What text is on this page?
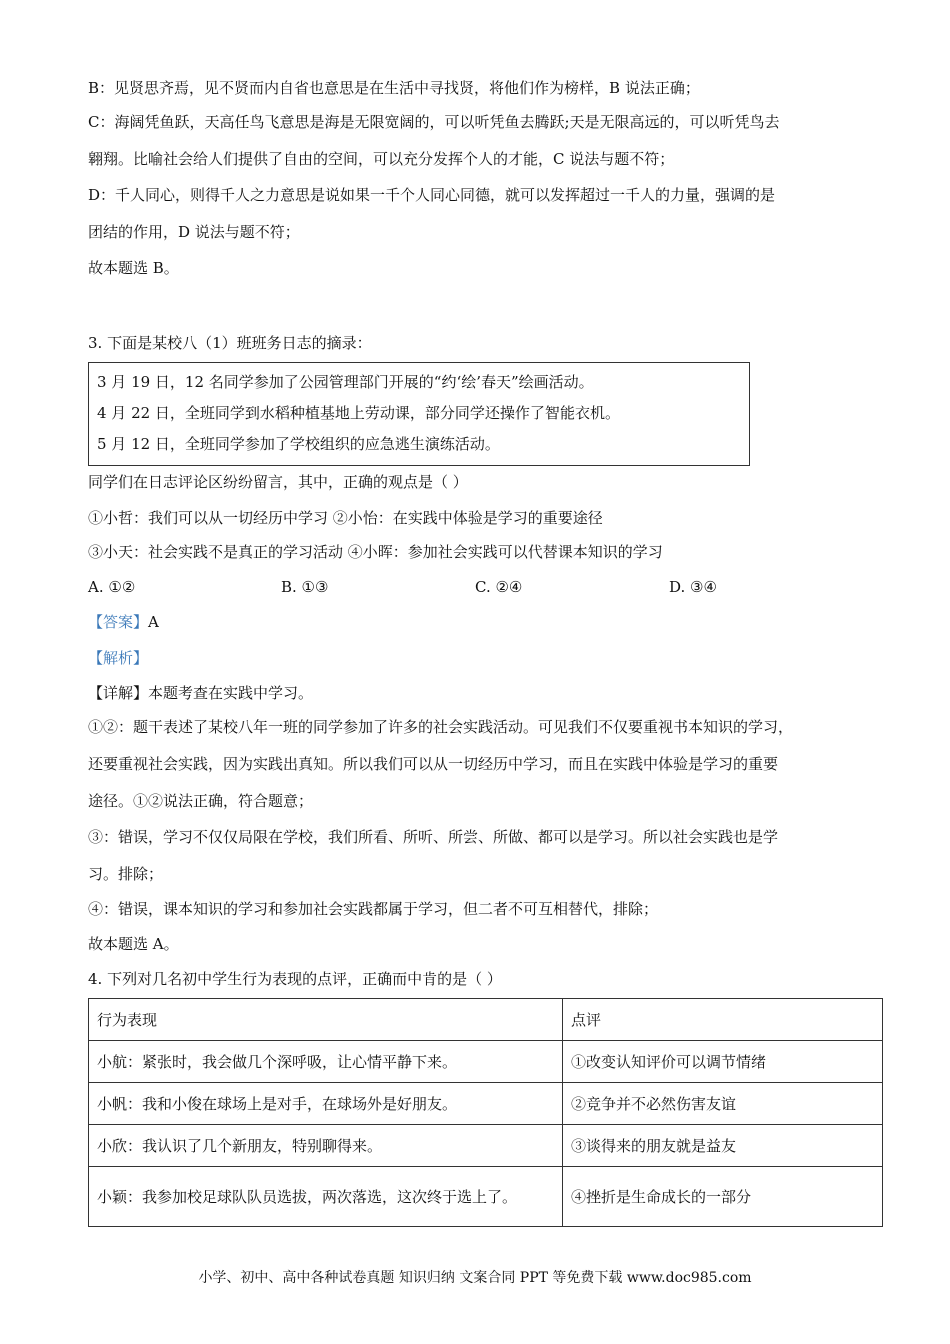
B：见贤思齐焉，见不贤而内自省也意思是在生活中寻找贤，将他们作为榜样，B 说法正确；

C：海阔凭鱼跃，天高任鸟飞意思是海是无限宽阔的，可以听凭鱼去腾跃;天是无限高远的，可以听凭鸟去

翱翔。比喻社会给人们提供了自由的空间，可以充分发挥个人的才能，C 说法与题不符；

D：千人同心，则得千人之力意思是说如果一千个人同心同德，就可以发挥超过一千人的力量，强调的是

团结的作用，D 说法与题不符；

故本题选 B。

3. 下面是某校八（1）班班务日志的摘录：

3 月 19 日，12 名同学参加了公园管理部门开展的“约‘绘’春天”绘画活动。
4 月 22 日，全班同学到水稻种植基地上劳动课，部分同学还操作了智能衣机。
5 月 12 日，全班同学参加了学校组织的应急逃生演练活动。

同学们在日志评论区纷纷留言，其中，正确的观点是（ ）

①小哲：我们可以从一切经历中学习 ②小怡：在实践中体验是学习的重要途径

③小天：社会实践不是真正的学习活动 ④小晖：参加社会实践可以代替课本知识的学习

A. ①②	B. ①③	C. ②④	D. ③④

【答案】A

【解析】

【详解】本题考查在实践中学习。

①②：题干表述了某校八年一班的同学参加了许多的社会实践活动。可见我们不仅要重视书本知识的学习，

还要重视社会实践，因为实践出真知。所以我们可以从一切经历中学习，而且在实践中体验是学习的重要

途径。①②说法正确，符合题意；

③：错误，学习不仅仅局限在学校，我们所看、所听、所尝、所做、都可以是学习。所以社会实践也是学

习。排除；

④：错误，课本知识的学习和参加社会实践都属于学习，但二者不可互相替代，排除；

故本题选 A。

4. 下列对几名初中学生行为表现的点评，正确而中肯的是（ ）

行为表现	点评
小航：紧张时，我会做几个深呼吸，让心情平静下来。	①改变认知评价可以调节情绪
小帆：我和小俊在球场上是对手，在球场外是好朋友。	②竞争并不必然伤害友谊
小欣：我认识了几个新朋友，特别聊得来。	③谈得来的朋友就是益友
小颖：我参加校足球队队员选拔，两次落选，这次终于选上了。	④挫折是生命成长的一部分
小学、初中、高中各种试卷真题 知识归纳 文案合同 PPT 等免费下载 www.doc985.com
